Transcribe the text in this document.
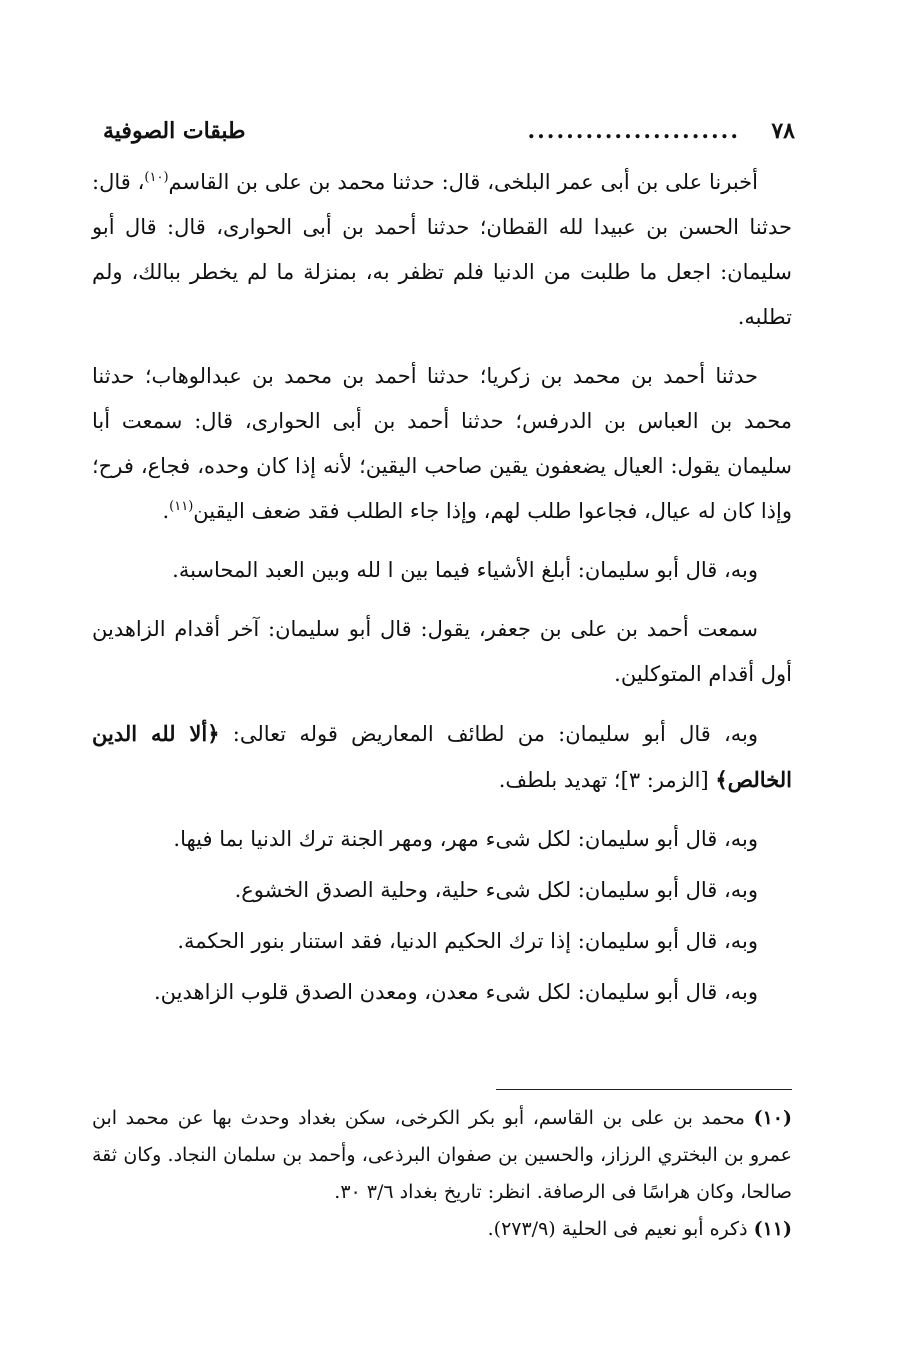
٧٨
......................
طبقات الصوفية

أخبرنا على بن أبى عمر البلخى، قال: حدثنا محمد بن على بن القاسم$^{(١٠)}$، قال: حدثنا الحسن بن عبيدا لله القطان؛ حدثنا أحمد بن أبى الحوارى، قال: قال أبو سليمان: اجعل ما طلبت من الدنيا فلم تظفر به، بمنزلة ما لم يخطر ببالك، ولم تطلبه.

حدثنا أحمد بن محمد بن زكريا؛ حدثنا أحمد بن محمد بن عبدالوهاب؛ حدثنا محمد بن العباس بن الدرفس؛ حدثنا أحمد بن أبى الحوارى، قال: سمعت أبا سليمان يقول: العيال يضعفون يقين صاحب اليقين؛ لأنه إذا كان وحده، فجاع، فرح؛ وإذا كان له عيال، فجاعوا طلب لهم، وإذا جاء الطلب فقد ضعف اليقين$^{(١١)}$.

وبه، قال أبو سليمان: أبلغ الأشياء فيما بين ا لله وبين العبد المحاسبة.

سمعت أحمد بن على بن جعفر، يقول: قال أبو سليمان: آخر أقدام الزاهدين أول أقدام المتوكلين.

وبه، قال أبو سليمان: من لطائف المعاريض قوله تعالى: ﴿ألا لله الدين الخالص﴾ [الزمر: ٣]؛ تهديد بلطف.

وبه، قال أبو سليمان: لكل شىء مهر، ومهر الجنة ترك الدنيا بما فيها.

وبه، قال أبو سليمان: لكل شىء حلية، وحلية الصدق الخشوع.

وبه، قال أبو سليمان: إذا ترك الحكيم الدنيا، فقد استنار بنور الحكمة.

وبه، قال أبو سليمان: لكل شىء معدن، ومعدن الصدق قلوب الزاهدين.

(١٠) محمد بن على بن القاسم، أبو بكر الكرخى، سكن بغداد وحدث بها عن محمد ابن عمرو بن البختري الرزاز، والحسين بن صفوان البرذعى، وأحمد بن سلمان النجاد. وكان ثقة صالحا، وكان هراسًا فى الرصافة. انظر: تاريخ بغداد ٣/٦ ٣٠.

(١١) ذكره أبو نعيم فى الحلية (٢٧٣/٩).
